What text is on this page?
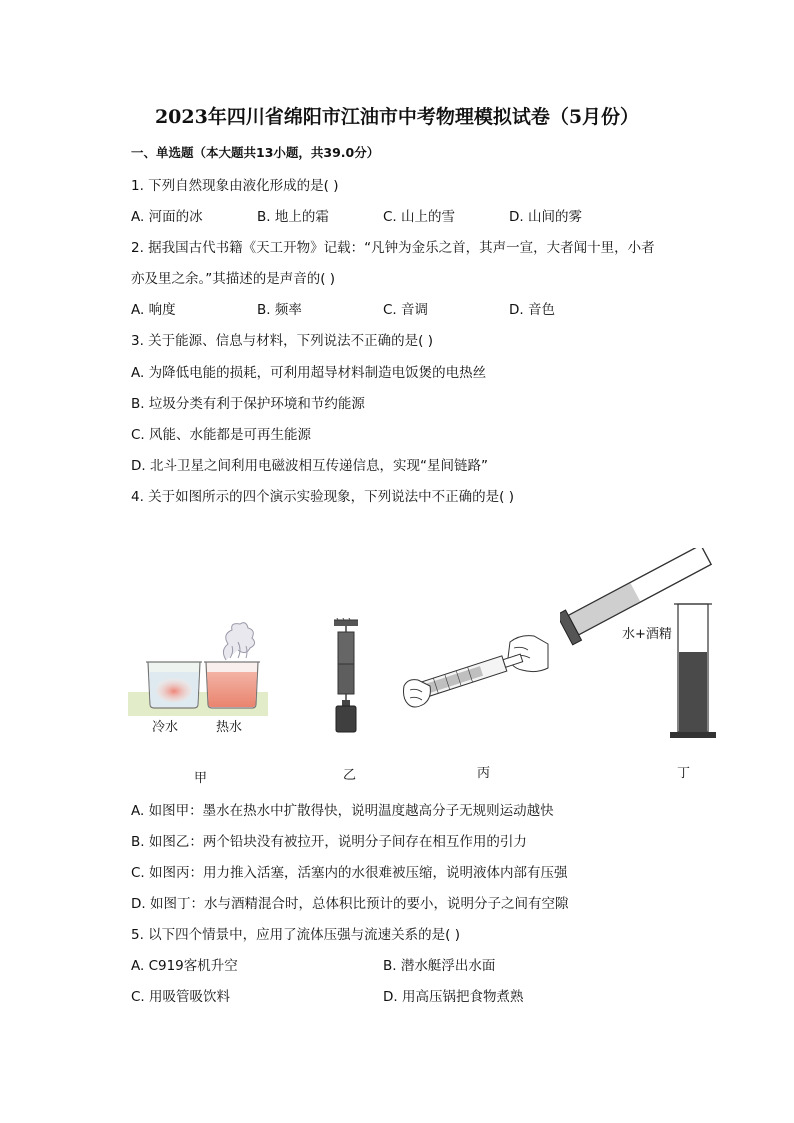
2023年四川省绵阳市江油市中考物理模拟试卷（5月份）
一、单选题（本大题共13小题，共39.0分）
1. 下列自然现象由液化形成的是( )
A. 河面的冰	B. 地上的霜	C. 山上的雪	D. 山间的雾
2. 据我国古代书籍《天工开物》记载：“凡钟为金乐之首，其声一宣，大者闻十里，小者
亦及里之余。”其描述的是声音的( )
A. 响度	B. 频率	C. 音调	D. 音色
3. 关于能源、信息与材料，下列说法不正确的是( )
A. 为降低电能的损耗，可利用超导材料制造电饭煲的电热丝
B. 垃圾分类有利于保护环境和节约能源
C. 风能、水能都是可再生能源
D. 北斗卫星之间利用电磁波相互传递信息，实现“星间链路”
4. 关于如图所示的四个演示实验现象，下列说法中不正确的是( )
冷水	热水
甲	乙	丙
水+酒精
丁
A. 如图甲：墨水在热水中扩散得快，说明温度越高分子无规则运动越快
B. 如图乙：两个铅块没有被拉开，说明分子间存在相互作用的引力
C. 如图丙：用力推入活塞，活塞内的水很难被压缩，说明液体内部有压强
D. 如图丁：水与酒精混合时，总体积比预计的要小，说明分子之间有空隙
5. 以下四个情景中，应用了流体压强与流速关系的是( )
A. C919客机升空	B. 潜水艇浮出水面
C. 用吸管吸饮料	D. 用高压锅把食物煮熟
